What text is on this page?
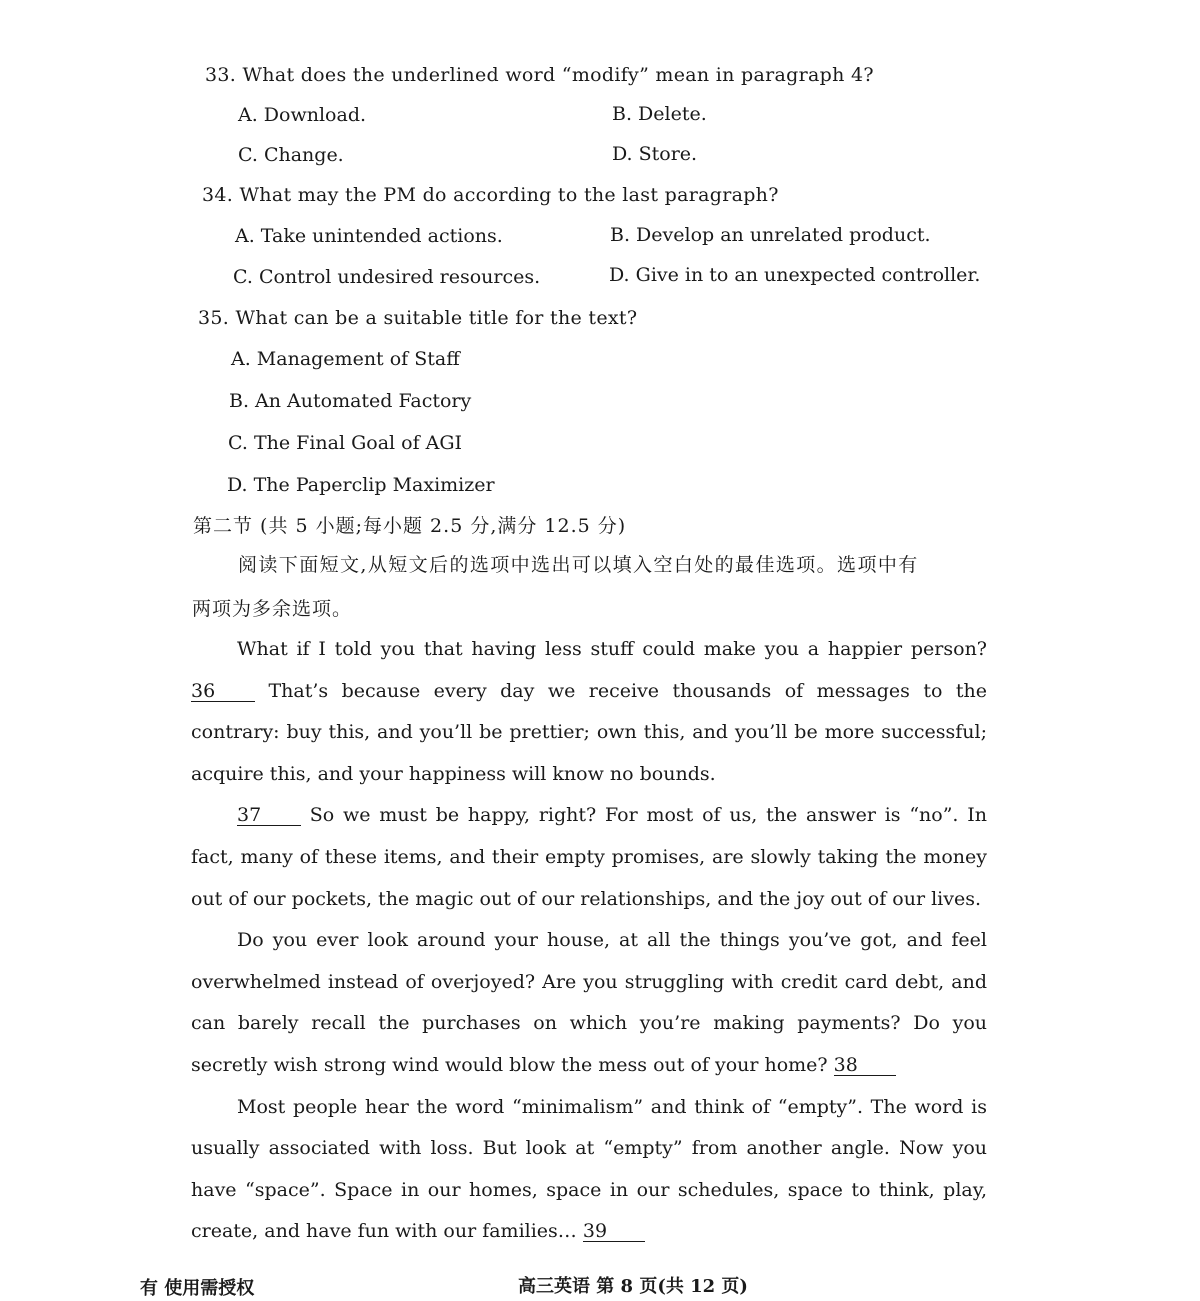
33. What does the underlined word “modify” mean in paragraph 4?
A. Download.	B. Delete.
C. Change.	D. Store.
34. What may the PM do according to the last paragraph?
A. Take unintended actions.	B. Develop an unrelated product.
C. Control undesired resources.	D. Give in to an unexpected controller.
35. What can be a suitable title for the text?
A. Management of Staff
B. An Automated Factory
C. The Final Goal of AGI
D. The Paperclip Maximizer
第二节 (共 5 小题;每小题 2.5 分,满分 12.5 分)
阅读下面短文,从短文后的选项中选出可以填入空白处的最佳选项。选项中有
两项为多余选项。

What if I told you that having less stuff could make you a happier person? 36	That’s because every day we receive thousands of messages to the contrary: buy this, and you’ll be prettier; own this, and you’ll be more successful; acquire this, and your happiness will know no bounds.

37	So we must be happy, right? For most of us, the answer is “no”. In fact, many of these items, and their empty promises, are slowly taking the money out of our pockets, the magic out of our relationships, and the joy out of our lives.

Do you ever look around your house, at all the things you’ve got, and feel overwhelmed instead of overjoyed? Are you struggling with credit card debt, and can barely recall the purchases on which you’re making payments? Do you secretly wish strong wind would blow the mess out of your home? 38

Most people hear the word “minimalism” and think of “empty”. The word is usually associated with loss. But look at “empty” from another angle. Now you have “space”. Space in our homes, space in our schedules, space to think, play, create, and have fun with our families… 39

有 使用需授权	高三英语 第 8 页(共 12 页)
